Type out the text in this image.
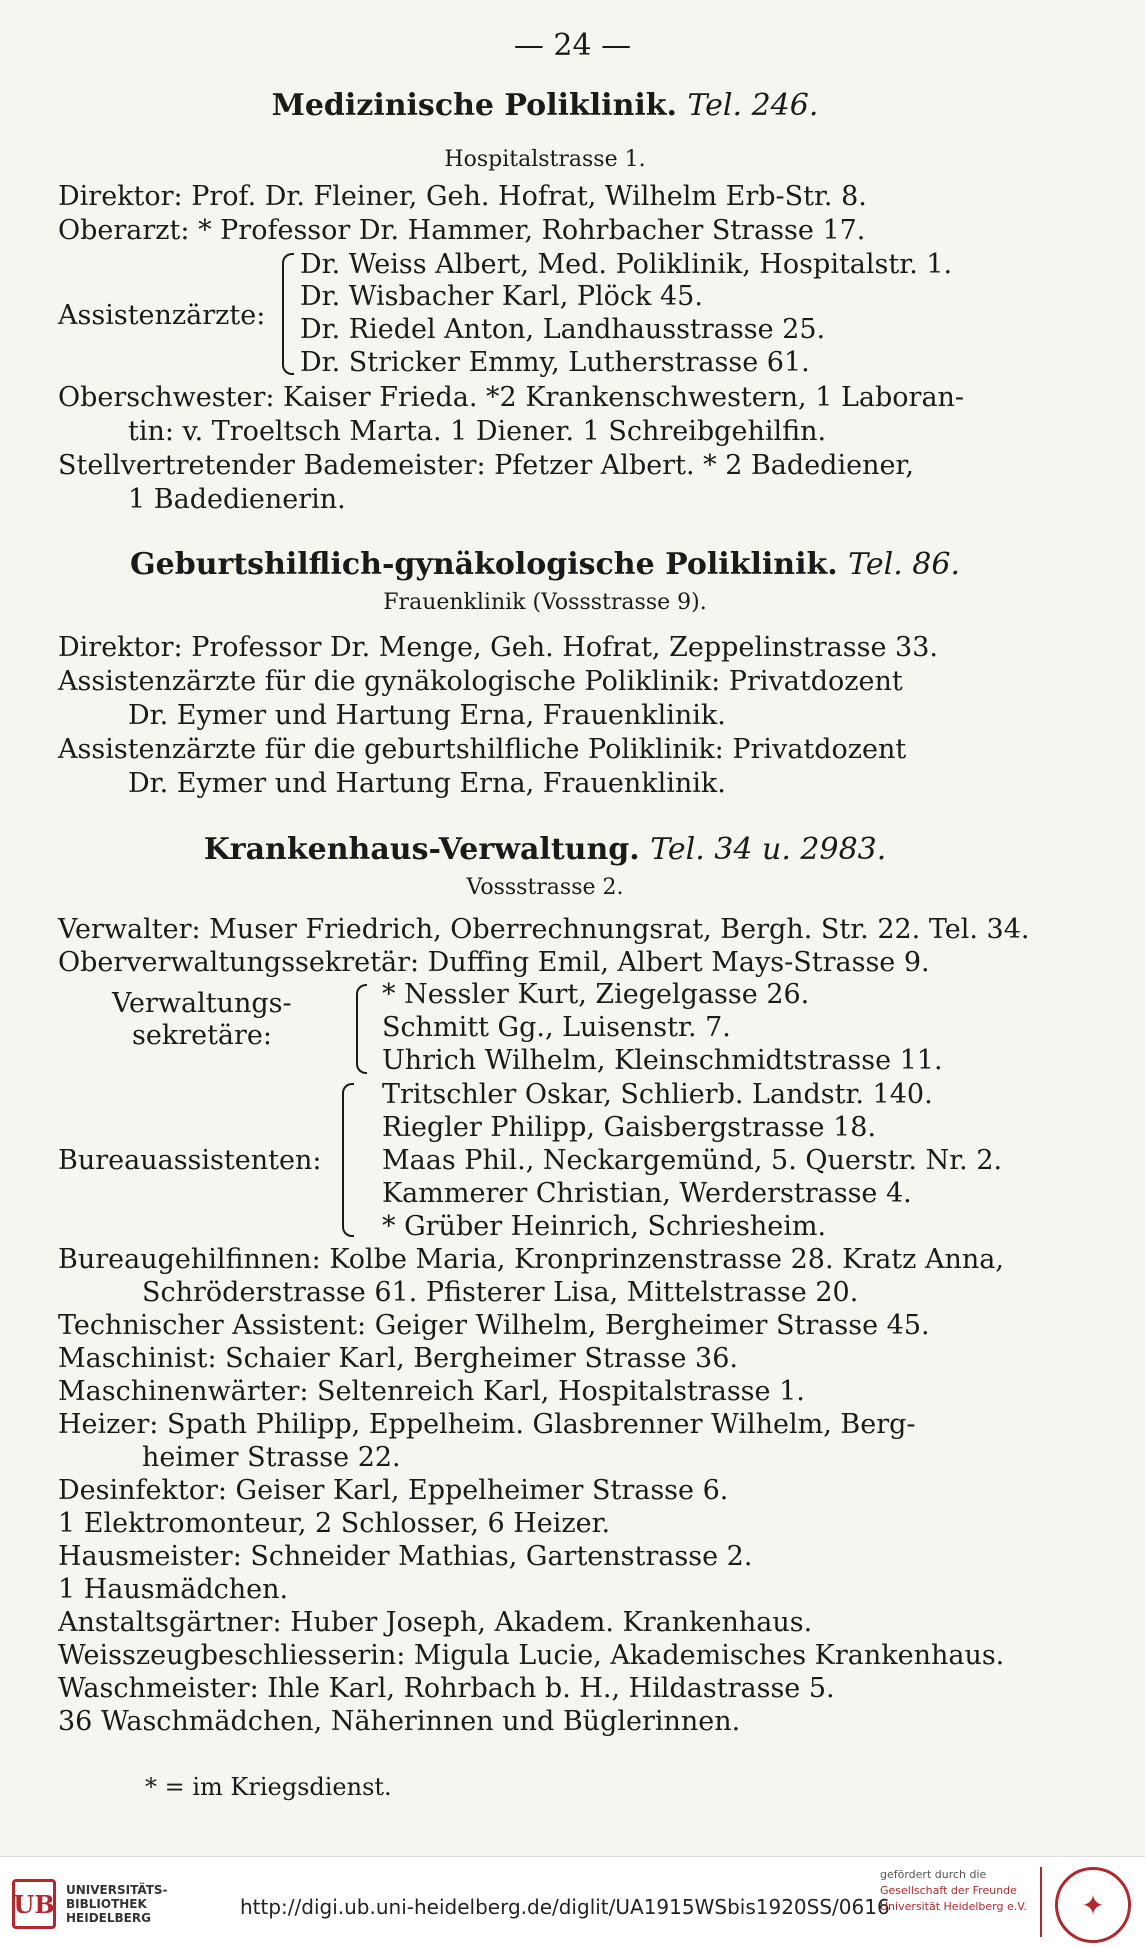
— 24 —
Medizinische Poliklinik. Tel. 246.
Hospitalstrasse 1.
Direktor: Prof. Dr. Fleiner, Geh. Hofrat, Wilhelm Erb-Str. 8.
Oberarzt: * Professor Dr. Hammer, Rohrbacher Strasse 17.
Assistenzärzte:
Dr. Weiss Albert, Med. Poliklinik, Hospitalstr. 1.
Dr. Wisbacher Karl, Plöck 45.
Dr. Riedel Anton, Landhausstrasse 25.
Dr. Stricker Emmy, Lutherstrasse 61.
Oberschwester: Kaiser Frieda. *2 Krankenschwestern, 1 Laboran-
tin: v. Troeltsch Marta. 1 Diener. 1 Schreibgehilfin.
Stellvertretender Bademeister: Pfetzer Albert. * 2 Badediener,
1 Badedienerin.
Geburtshilflich-gynäkologische Poliklinik. Tel. 86.
Frauenklinik (Vossstrasse 9).
Direktor: Professor Dr. Menge, Geh. Hofrat, Zeppelinstrasse 33.
Assistenzärzte für die gynäkologische Poliklinik: Privatdozent
Dr. Eymer und Hartung Erna, Frauenklinik.
Assistenzärzte für die geburtshilfliche Poliklinik: Privatdozent
Dr. Eymer und Hartung Erna, Frauenklinik.
Krankenhaus-Verwaltung. Tel. 34 u. 2983.
Vossstrasse 2.
Verwalter: Muser Friedrich, Oberrechnungsrat, Bergh. Str. 22. Tel. 34.
Oberverwaltungssekretär: Duffing Emil, Albert Mays-Strasse 9.
Verwaltungs-
sekretäre:
* Nessler Kurt, Ziegelgasse 26.
Schmitt Gg., Luisenstr. 7.
Uhrich Wilhelm, Kleinschmidtstrasse 11.
Bureauassistenten:
Tritschler Oskar, Schlierb. Landstr. 140.
Riegler Philipp, Gaisbergstrasse 18.
Maas Phil., Neckargemünd, 5. Querstr. Nr. 2.
Kammerer Christian, Werderstrasse 4.
* Grüber Heinrich, Schriesheim.
Bureaugehilfinnen: Kolbe Maria, Kronprinzenstrasse 28. Kratz Anna,
Schröderstrasse 61. Pfisterer Lisa, Mittelstrasse 20.
Technischer Assistent: Geiger Wilhelm, Bergheimer Strasse 45.
Maschinist: Schaier Karl, Bergheimer Strasse 36.
Maschinenwärter: Seltenreich Karl, Hospitalstrasse 1.
Heizer: Spath Philipp, Eppelheim. Glasbrenner Wilhelm, Berg-
heimer Strasse 22.
Desinfektor: Geiser Karl, Eppelheimer Strasse 6.
1 Elektromonteur, 2 Schlosser, 6 Heizer.
Hausmeister: Schneider Mathias, Gartenstrasse 2.
1 Hausmädchen.
Anstaltsgärtner: Huber Joseph, Akadem. Krankenhaus.
Weisszeugbeschliesserin: Migula Lucie, Akademisches Krankenhaus.
Waschmeister: Ihle Karl, Rohrbach b. H., Hildastrasse 5.
36 Waschmädchen, Näherinnen und Büglerinnen.
* = im Kriegsdienst.
UB UNIVERSITÄTS-
BIBLIOTHEK
HEIDELBERG	http://digi.ub.uni-heidelberg.de/diglit/UA1915WSbis1920SS/0616
gefördert durch die
Gesellschaft der Freunde
Universität Heidelberg e.V.	✦
